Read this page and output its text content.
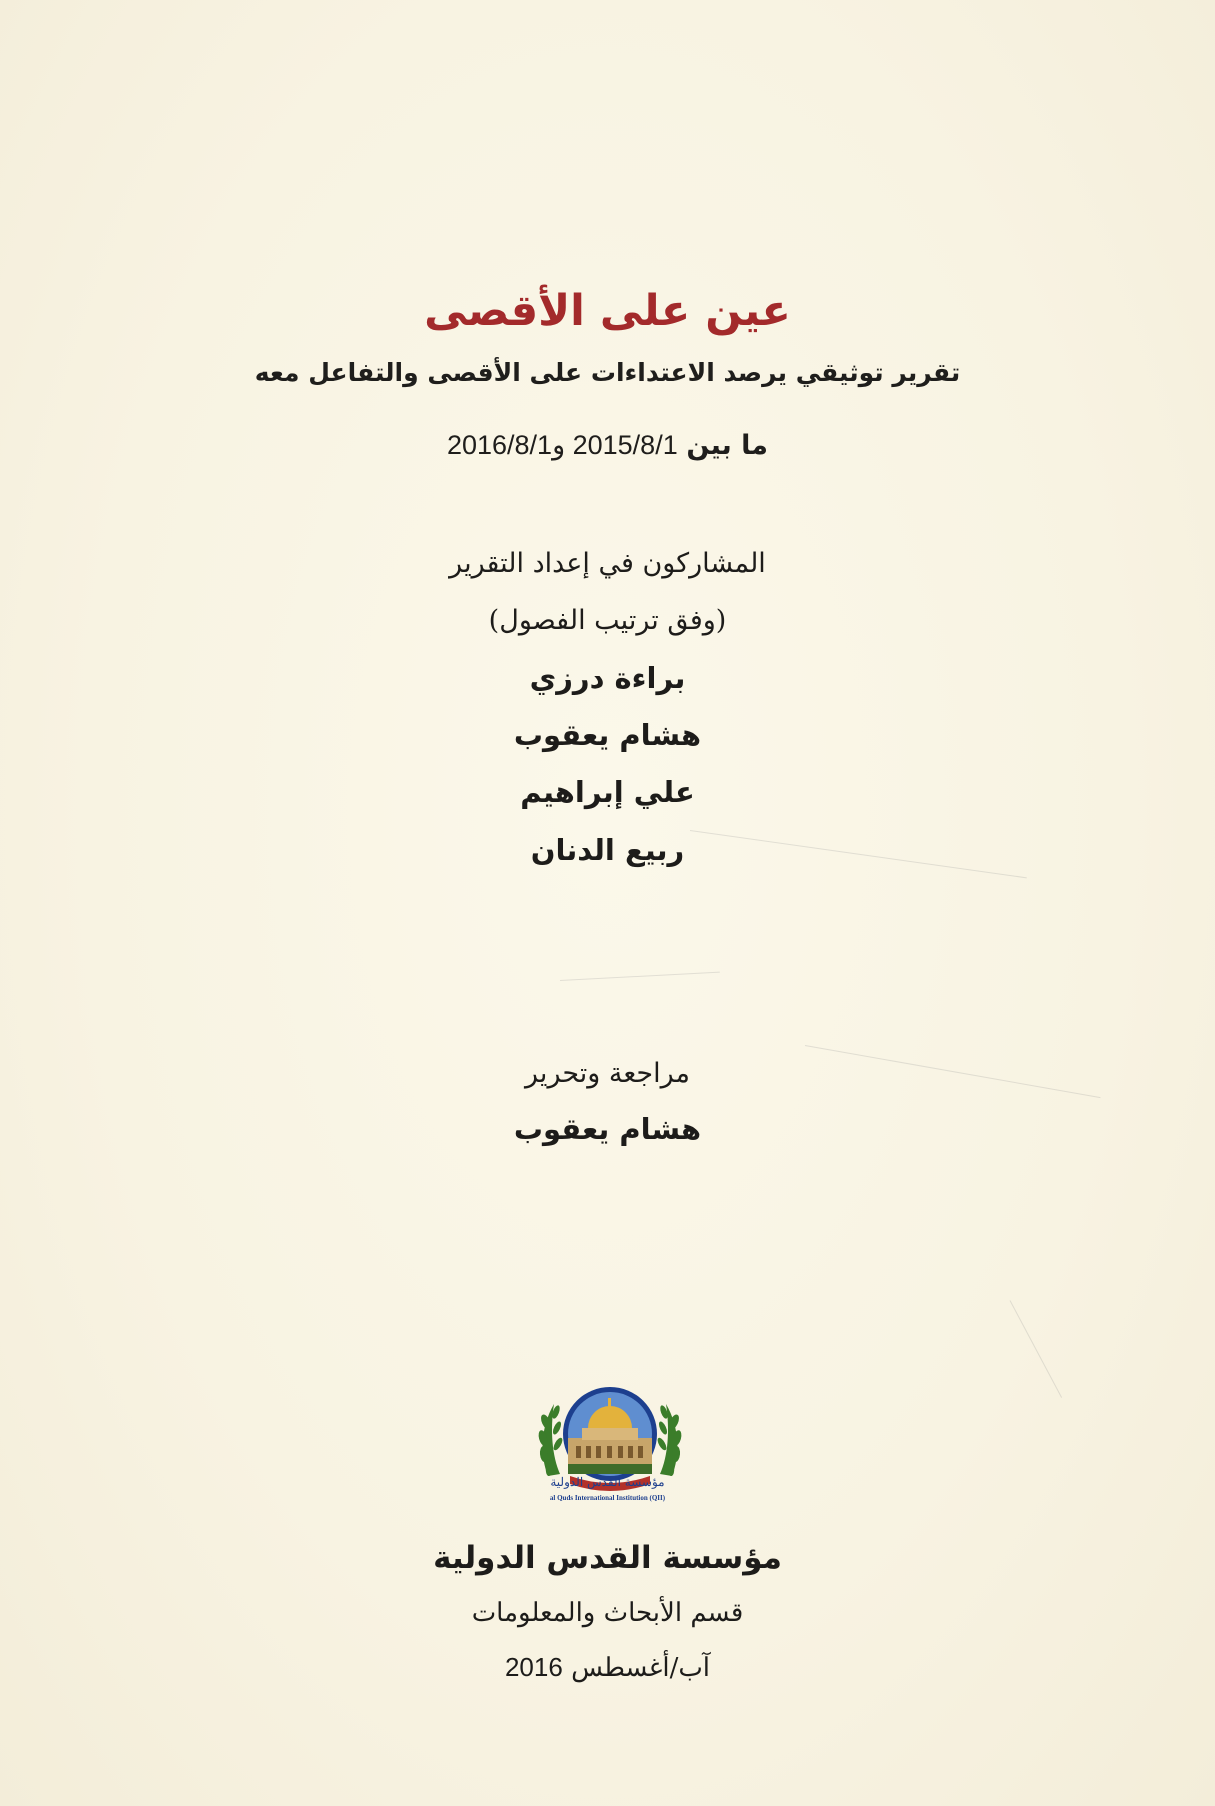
عين على الأقصى
تقرير توثيقي يرصد الاعتداءات على الأقصى والتفاعل معه
ما بين 2015/8/1 و2016/8/1
المشاركون في إعداد التقرير
(وفق ترتيب الفصول)
براءة درزي
هشام يعقوب
علي إبراهيم
ربيع الدنان
مراجعة وتحرير
هشام يعقوب
مؤسسة القدس الدولية
al Quds International Institution (QII)
مؤسسة القدس الدولية
قسم الأبحاث والمعلومات
آب/أغسطس 2016
